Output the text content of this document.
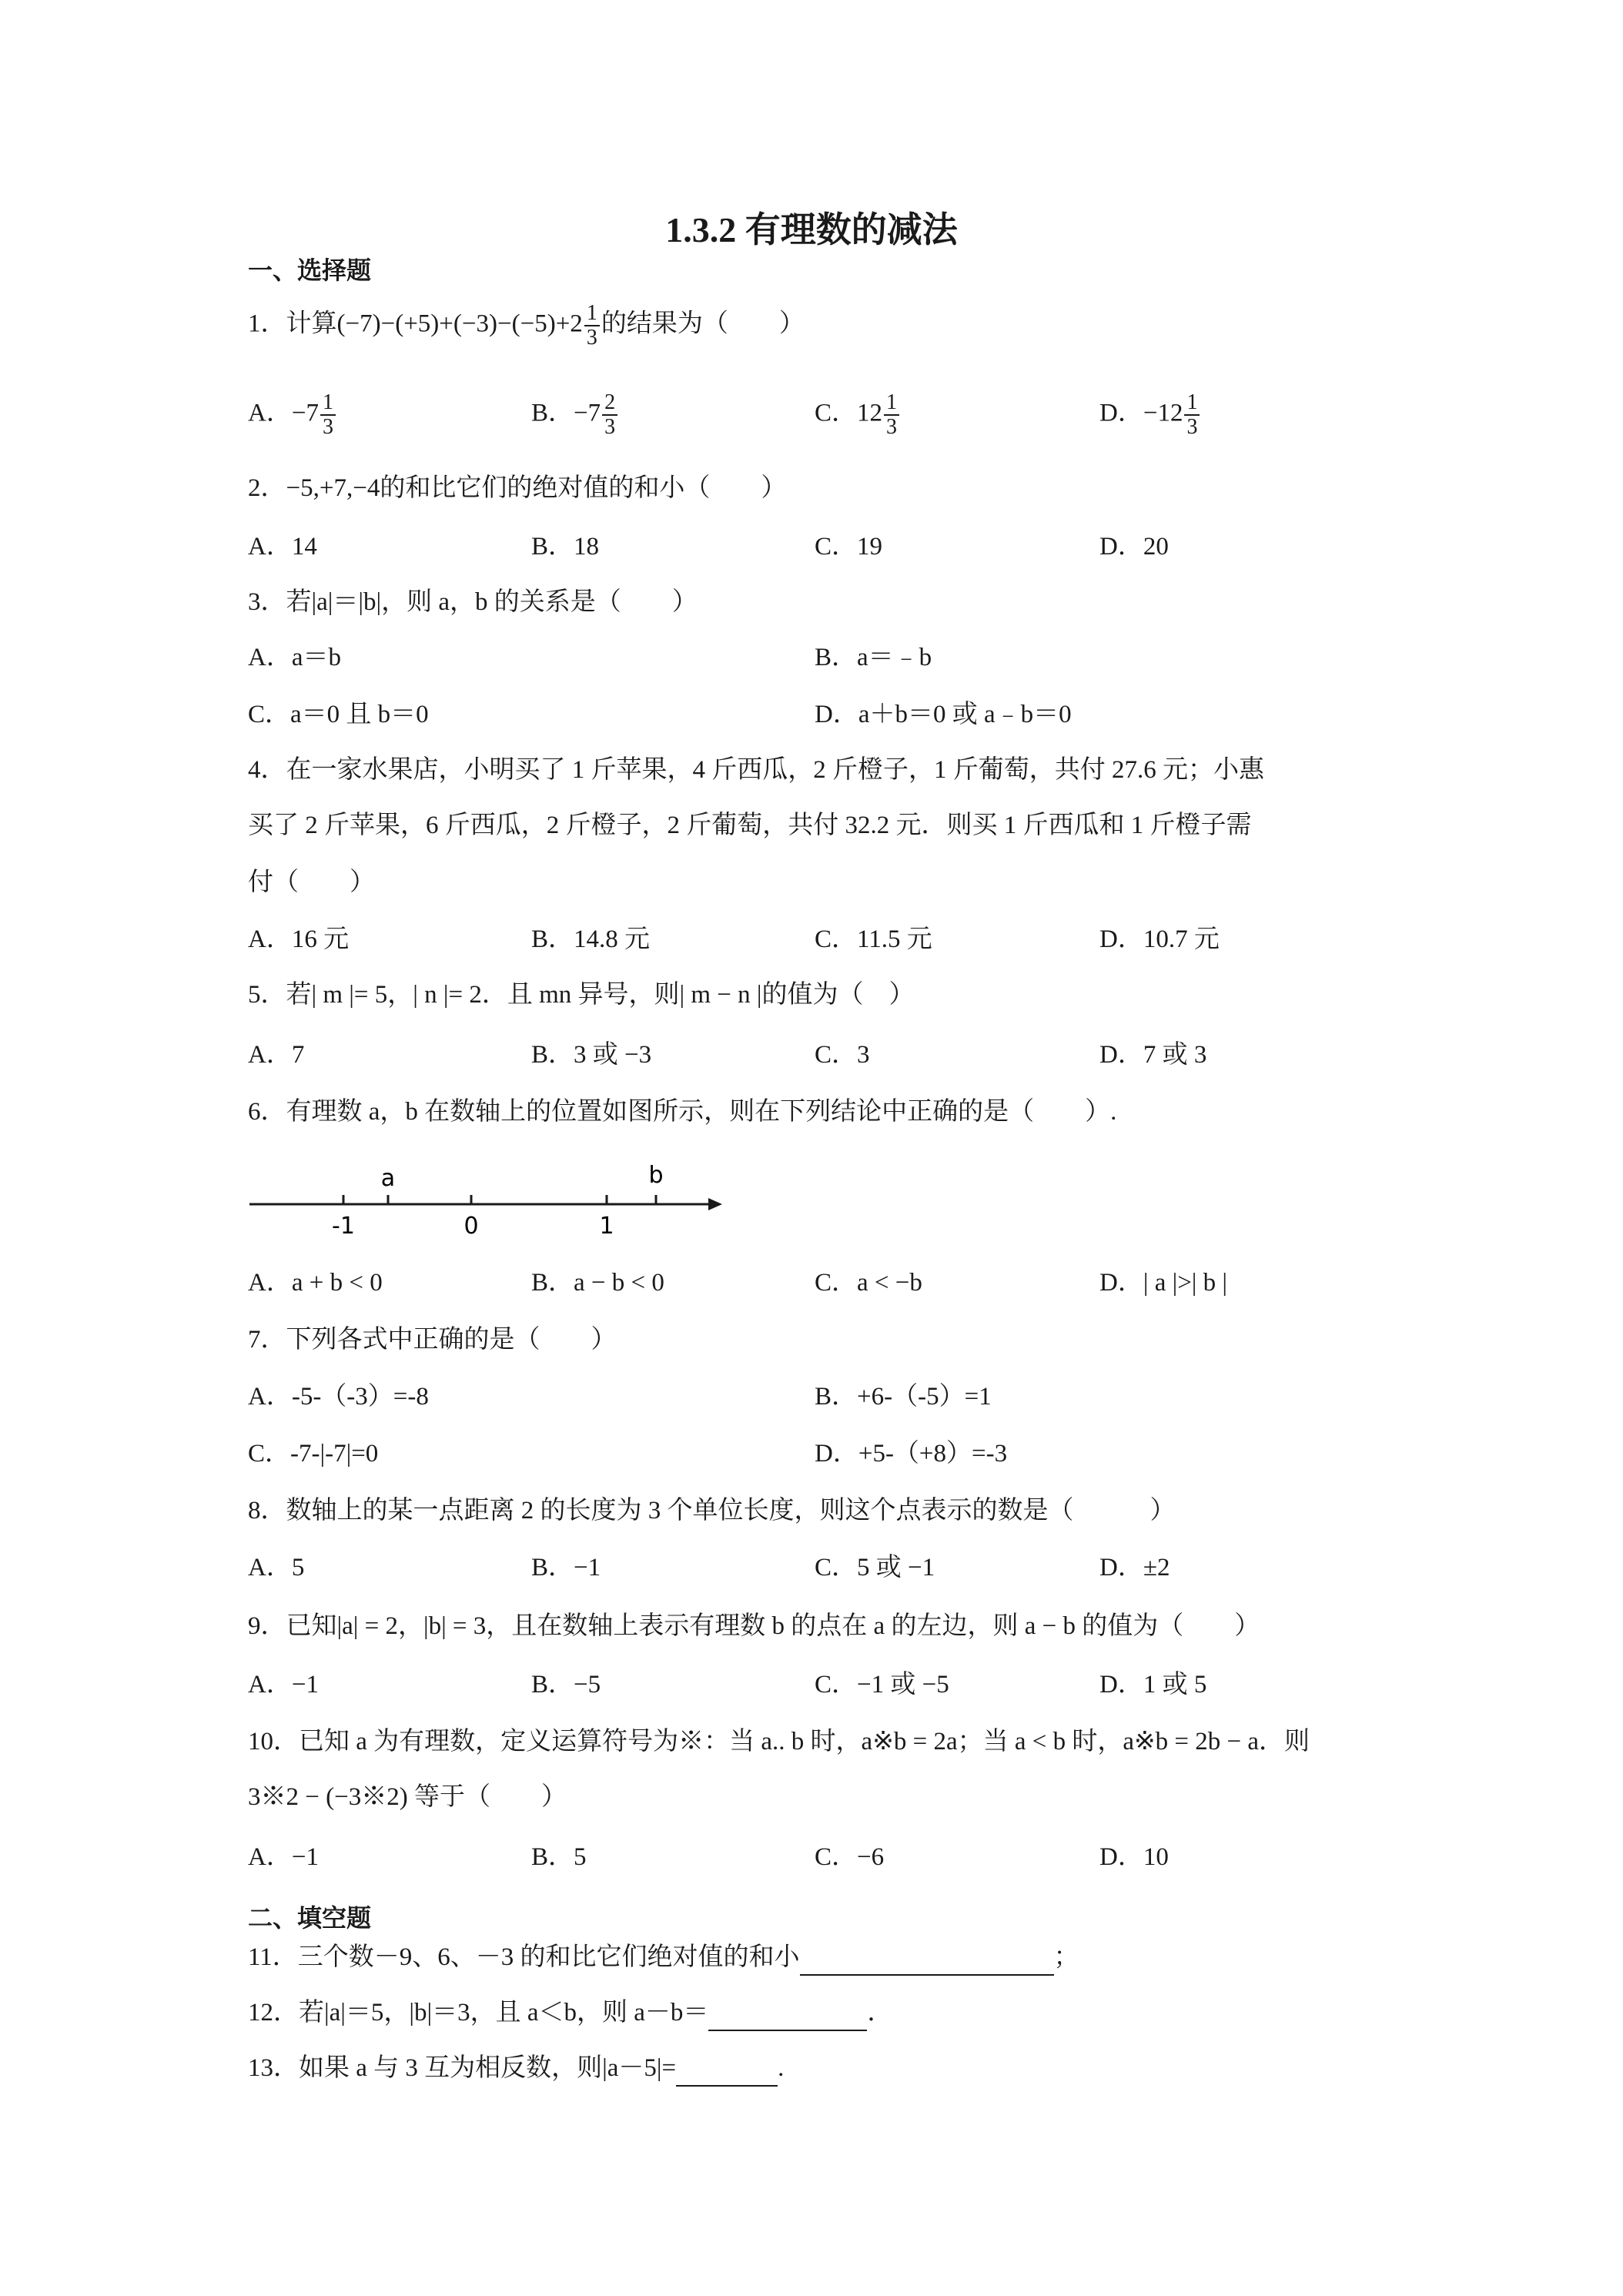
1.3.2 有理数的减法
一、选择题
1．计算$(-7)-(+5)+(-3)-(-5)+2 \frac{1}{3}$ 的结果为（　　）
A．$-7 \frac{1}{3}$	B．$-7 \frac{2}{3}$	C．$12 \frac{1}{3}$	D．$-12 \frac{1}{3}$
2．−5,+7,−4的和比它们的绝对值的和小（　　）
A．14	B．18	C．19	D．20
3．若|a|＝|b|，则 a，b 的关系是（　　）
A．a＝b	B．a＝﹣b
C．a＝0 且 b＝0	D．a＋b＝0 或 a﹣b＝0
4．在一家水果店，小明买了 1 斤苹果，4 斤西瓜，2 斤橙子，1 斤葡萄，共付 27.6 元；小惠
买了 2 斤苹果，6 斤西瓜，2 斤橙子，2 斤葡萄，共付 32.2 元．则买 1 斤西瓜和 1 斤橙子需
付（　　）
A．16 元	B．14.8 元	C．11.5 元	D．10.7 元
5．若| m |= 5，| n |= 2．且 mn 异号，则| m − n |的值为（　）
A．7	B．3 或 −3	C．3	D．7 或 3
6．有理数 a，b 在数轴上的位置如图所示，则在下列结论中正确的是（　　）.
a	b
-1	0	1
A．a + b < 0	B．a − b < 0	C．a < −b	D．| a |>| b |
7．下列各式中正确的是（　　）
A．-5-（-3）=-8	B．+6-（-5）=1
C．-7-|-7|=0	D．+5-（+8）=-3
8．数轴上的某一点距离 2 的长度为 3 个单位长度，则这个点表示的数是（　　　）
A．5	B．−1	C．5 或 −1	D．±2
9．已知|a| = 2，|b| = 3，且在数轴上表示有理数 b 的点在 a 的左边，则 a − b 的值为（　　）
A．−1	B．−5	C．−1 或 −5	D．1 或 5
10．已知 a 为有理数，定义运算符号为※：当 a.. b 时，a※b = 2a；当 a < b 时，a※b = 2b − a．则
3※2 − (−3※2) 等于（　　）
A．−1	B．5	C．−6	D．10
二、填空题
11．三个数－9、6、－3 的和比它们绝对值的和小	；
12．若|a|＝5，|b|＝3，且 a＜b，则 a－b＝	．
13．如果 a 与 3 互为相反数，则|a－5|=	.
